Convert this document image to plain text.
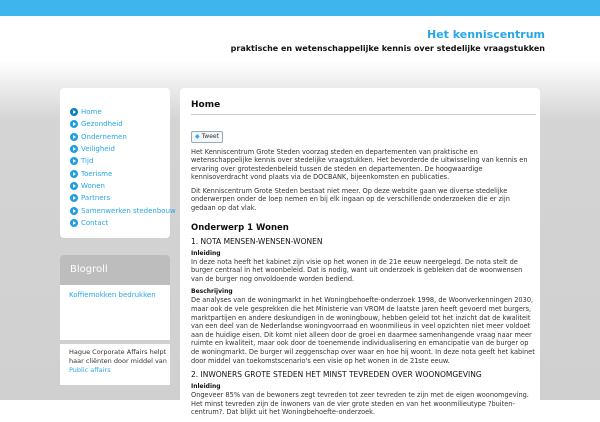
Het kenniscentrum
praktische en wetenschappelijke kennis over stedelijke vraagstukken
Home
Gezondheid
Ondernemen
Veiligheid
Tijd
Toerisme
Wonen
Partners
Samenwerken stedenbouw
Contact
Blogroll
Koffiemokken bedrukken
Hague Corporate Affairs helpt haar cliënten door middel van Public affairs
Home
◆ Tweet

Het Kenniscentrum Grote Steden voorzag steden en departementen van praktische en wetenschappelijke kennis over stedelijke vraagstukken. Het bevorderde de uitwisseling van kennis en ervaring over grotestedenbeleid tussen de steden en departementen. De hoogwaardige kennisoverdracht vond plaats via de DOCBANK, bijeenkomsten en publicaties.

Dit Kenniscentrum Grote Steden bestaat niet meer. Op deze website gaan we diverse stedelijke onderwerpen onder de loep nemen en bij elk ingaan op de verschillende onderzoeken die er zijn gedaan op dat vlak.

Onderwerp 1 Wonen
1. NOTA MENSEN-WENSEN-WONEN
Inleiding

In deze nota heeft het kabinet zijn visie op het wonen in de 21e eeuw neergelegd. De nota stelt de burger centraal in het woonbeleid. Dat is nodig, want uit onderzoek is gebleken dat de woonwensen van de burger nog onvoldoende worden bediend.

Beschrijving

De analyses van de woningmarkt in het Woningbehoefte-onderzoek 1998, de Woonverkenningen 2030, maar ook de vele gesprekken die het Ministerie van VROM de laatste jaren heeft gevoerd met burgers, marktpartijen en andere deskundigen in de woningbouw, hebben geleid tot het inzicht dat de kwaliteit van een deel van de Nederlandse woningvoorraad en woonmilieus in veel opzichten niet meer voldoet aan de huidige eisen. Dit komt niet alleen door de groei en daarmee samenhangende vraag naar meer ruimte en kwaliteit, maar ook door de toenemende individualisering en emancipatie van de burger op de woningmarkt. De burger wil zeggenschap over waar en hoe hij woont. In deze nota geeft het kabinet door middel van toekomstscenario's een visie op het wonen in de 21ste eeuw.

2. INWONERS GROTE STEDEN HET MINST TEVREDEN OVER WOONOMGEVING
Inleiding

Ongeveer 85% van de bewoners zegt tevreden tot zeer tevreden te zijn met de eigen woonomgeving. Het minst tevreden zijn de inwoners van de vier grote steden en van het woonmilieutype ?buiten-centrum?. Dat blijkt uit het Woningbehoefte-onderzoek.
